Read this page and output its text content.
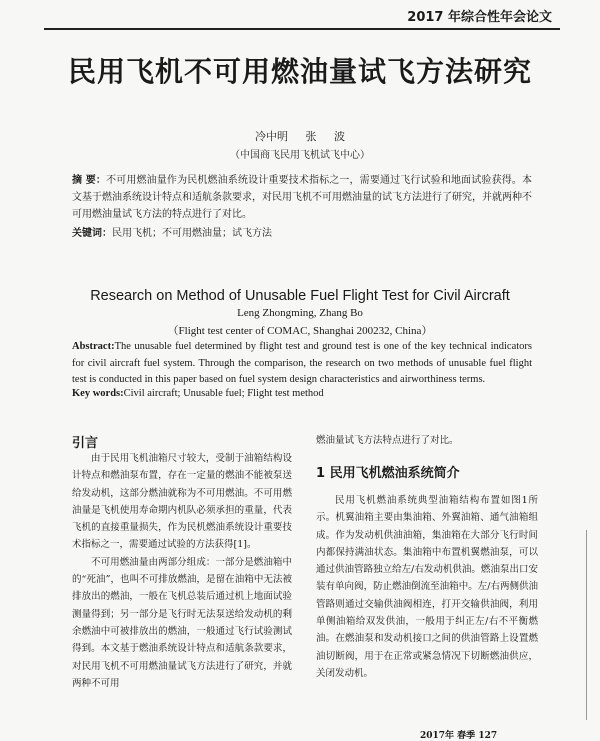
2017 年综合性年会论文
民用飞机不可用燃油量试飞方法研究
冷中明 张 波
（中国商飞民用飞机试飞中心）
摘 要：不可用燃油量作为民机燃油系统设计重要技术指标之一，需要通过飞行试验和地面试验获得。本文基于燃油系统设计特点和适航条款要求，对民用飞机不可用燃油量的试飞方法进行了研究，并就两种不可用燃油量试飞方法的特点进行了对比。
关键词：民用飞机；不可用燃油量；试飞方法
Research on Method of Unusable Fuel Flight Test for Civil Aircraft
Leng Zhongming, Zhang Bo
（Flight test center of COMAC, Shanghai 200232, China）
Abstract:The unusable fuel determined by flight test and ground test is one of the key technical indicators for civil aircraft fuel system. Through the comparison, the research on two methods of unusable fuel flight test is conducted in this paper based on fuel system design characteristics and airworthiness terms.
Key words:Civil aircraft; Unusable fuel; Flight test method
引言

由于民用飞机油箱尺寸较大，受制于油箱结构设计特点和燃油泵布置，存在一定量的燃油不能被泵送给发动机，这部分燃油就称为不可用燃油。不可用燃油量是飞机使用寿命期内机队必须承担的重量，代表飞机的直接重量损失，作为民机燃油系统设计重要技术指标之一，需要通过试验的方法获得[1]。

不可用燃油量由两部分组成：一部分是燃油箱中的“死油”，也叫不可排放燃油，是留在油箱中无法被排放出的燃油，一般在飞机总装后通过机上地面试验测量得到；另一部分是飞行时无法泵送给发动机的剩余燃油中可被排放出的燃油，一般通过飞行试验测试得到。本文基于燃油系统设计特点和适航条款要求，对民用飞机不可用燃油量试飞方法进行了研究，并就两种不可用

燃油量试飞方法特点进行了对比。
1 民用飞机燃油系统简介

民用飞机燃油系统典型油箱结构布置如图1所示。机翼油箱主要由集油箱、外翼油箱、通气油箱组成。作为发动机供油油箱，集油箱在大部分飞行时间内都保持满油状态。集油箱中布置机翼燃油泵，可以通过供油管路独立给左/右发动机供油。燃油泵出口安装有单向阀，防止燃油倒流至油箱中。左/右两侧供油管路则通过交输供油阀相连，打开交输供油阀，利用单侧油箱给双发供油，一般用于纠正左/右不平衡燃油。在燃油泵和发动机接口之间的供油管路上设置燃油切断阀，用于在正常或紧急情况下切断燃油供应，关闭发动机。

2017年 春季 127
